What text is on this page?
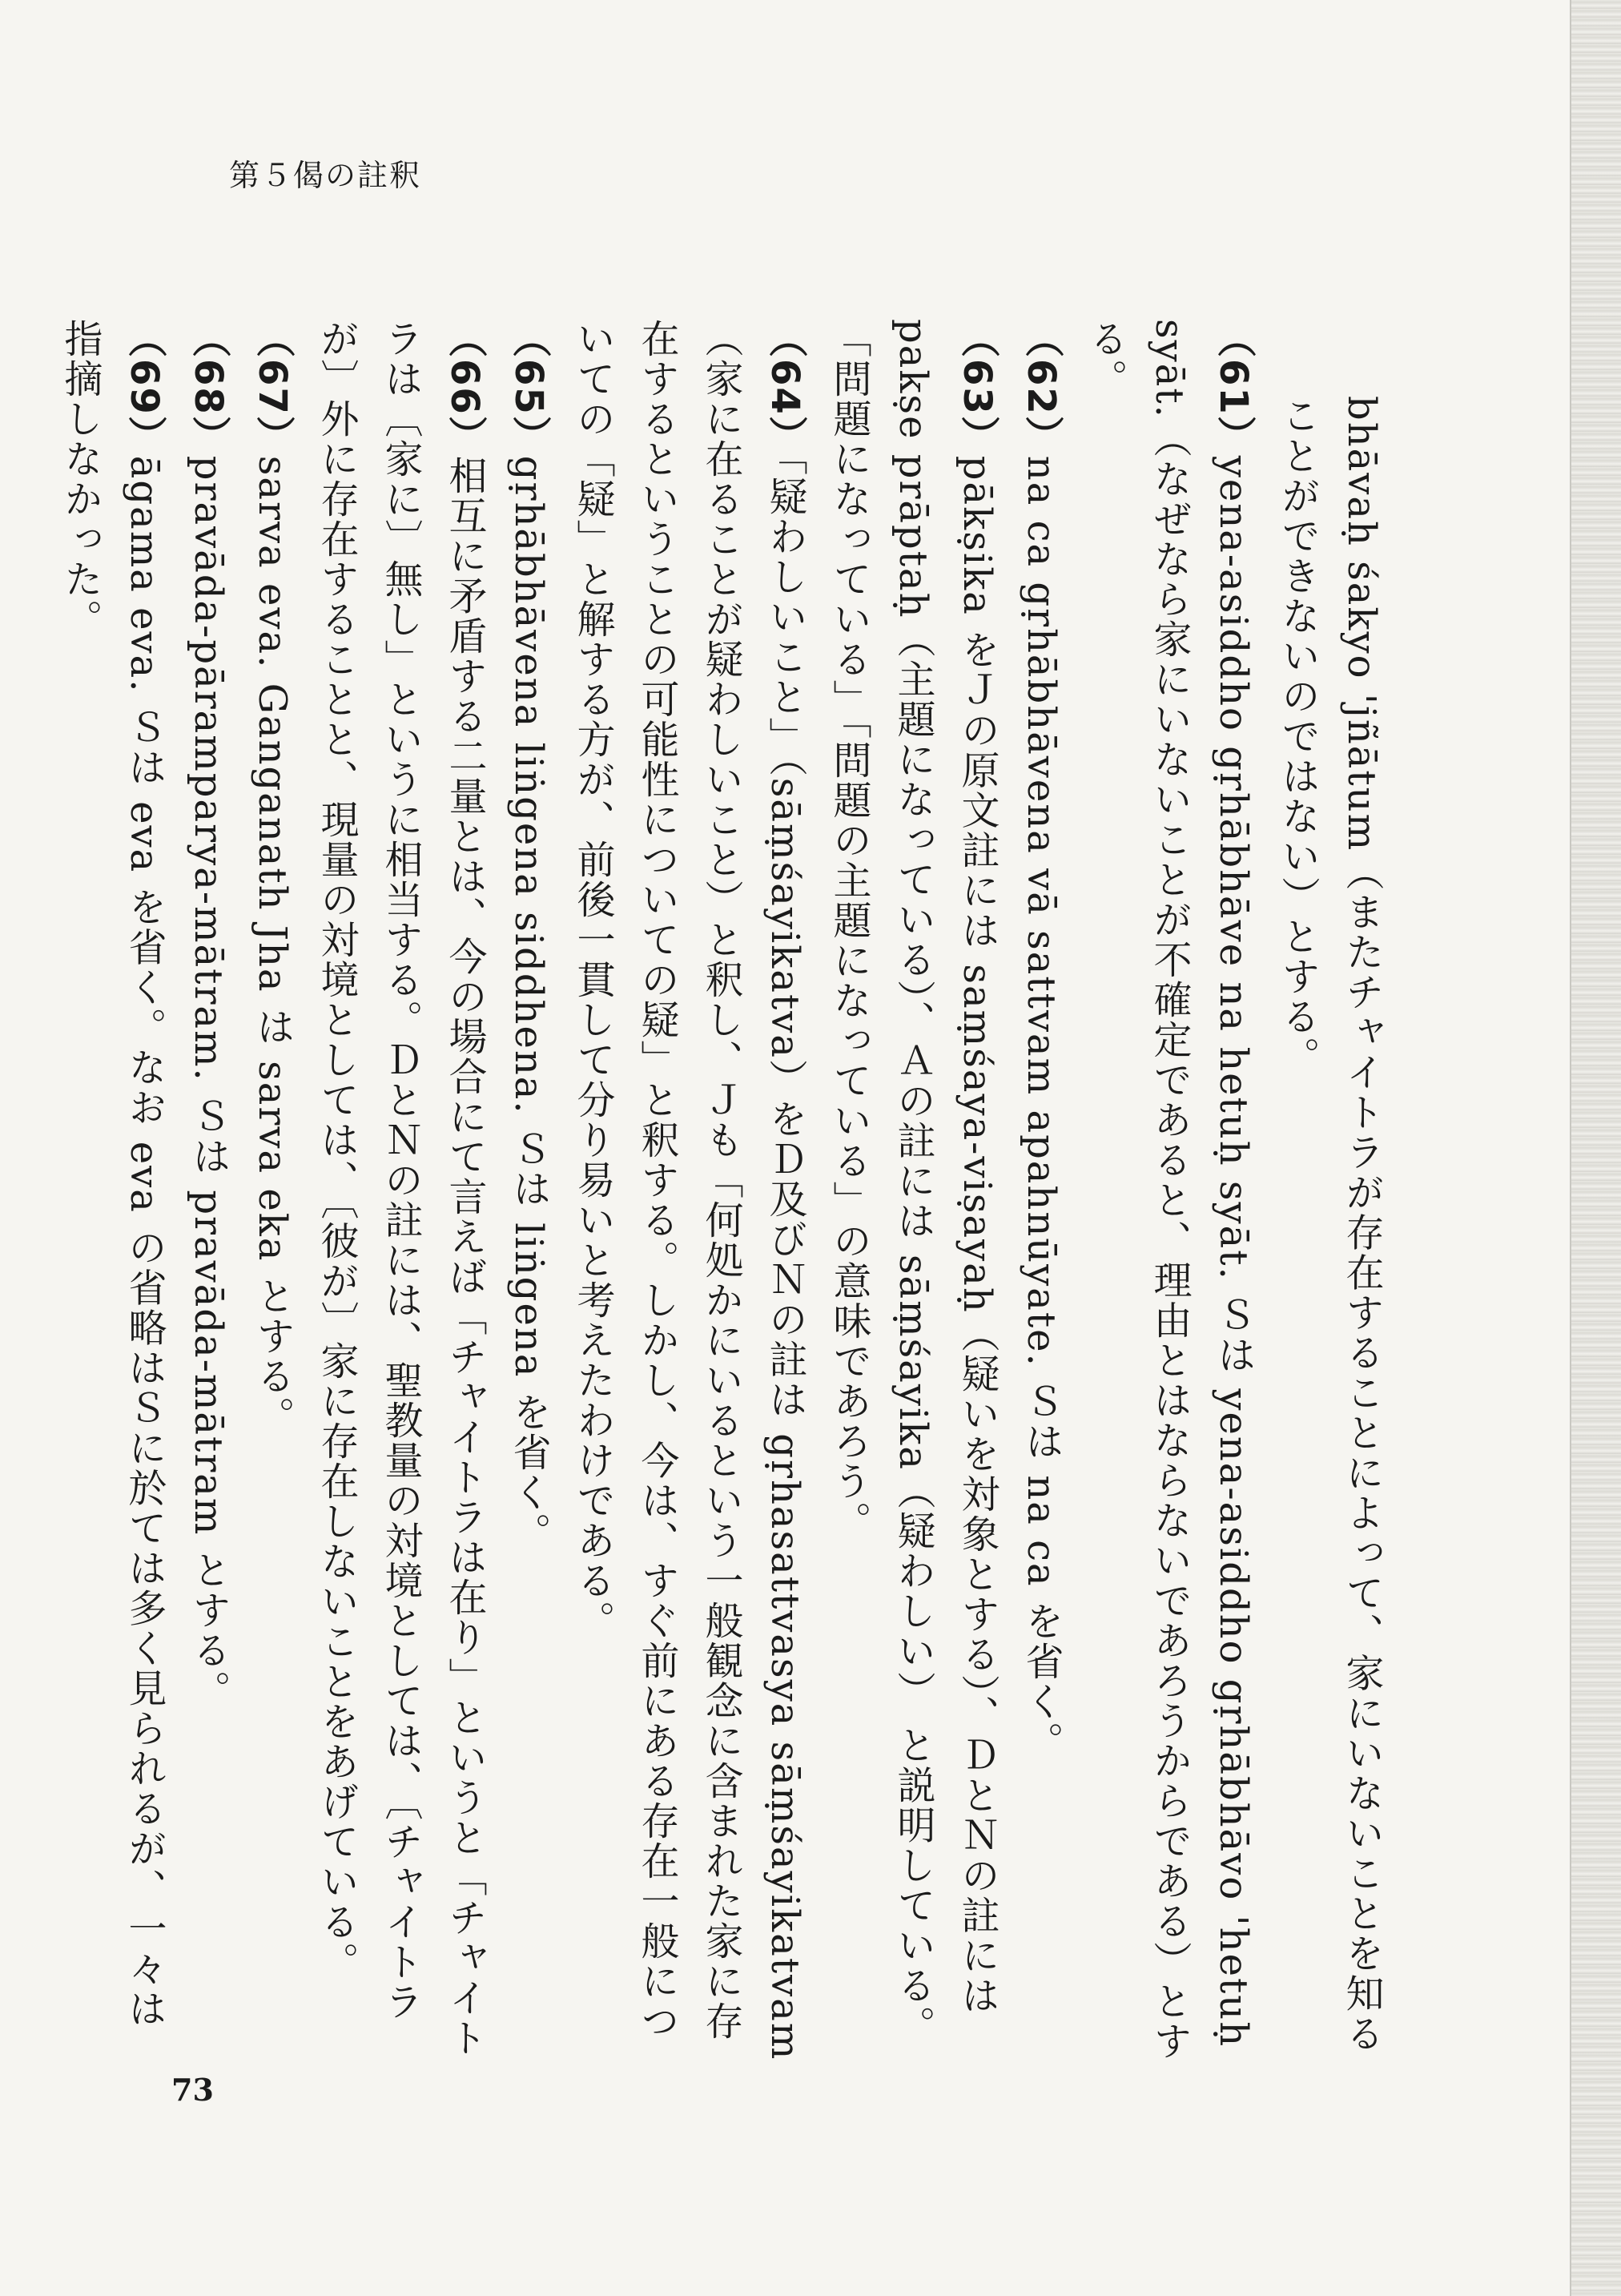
第５偈の註釈

bhāvaḥ śakyo 'jñātum（またチャイトラが存在することによって、家にいないことを知ることができないのではない）とする。

（61）yena-asiddho gṛhābhāve na hetuḥ syāt. Ｓは yena-asiddho gṛhābhāvo 'hetuḥ syāt.（なぜなら家にいないことが不確定であると、理由とはならないであろうからである）とする。

（62）na ca gṛhābhāvena vā sattvam apahnūyate. Ｓは na ca を省く。

（63）pākṣika をＪの原文註には saṃśaya-viṣayaḥ（疑いを対象とする）、ＤとＮの註には pakṣe prāptaḥ（主題になっている）、Ａの註には sāṃśayika（疑わしい） と説明している。「問題になっている」「問題の主題になっている」の意味であろう。

（64）「疑わしいこと」（sāṃśayikatva）をＤ及びＮの註は gṛhasattvasya sāṃśayikatvam（家に在ることが疑わしいこと）と釈し、Ｊも「何処かにいるという一般観念に含まれた家に存在するということの可能性についての疑」と釈する。しかし、今は、すぐ前にある存在一般についての「疑」と解する方が、前後一貫して分り易いと考えたわけである。

（65）gṛhābhāvena liṅgena siddhena. Ｓは liṅgena を省く。

（66）相互に矛盾する二量とは、今の場合にて言えば「チャイトラは在り」というと「チャイトラは〔家に〕無し」というに相当する。ＤとＮの註には、聖教量の対境としては、〔チャイトラが〕外に存在することと、現量の対境としては、〔彼が〕家に存在しないことをあげている。

（67）sarva eva. Ganganath Jha は sarva eka とする。

（68）pravāda-pāramparya-mātram. Ｓは pravāda-mātram とする。

（69）āgama eva. Ｓは eva を省く。なお eva の省略はＳに於ては多く見られるが、一々は指摘しなかった。

73
